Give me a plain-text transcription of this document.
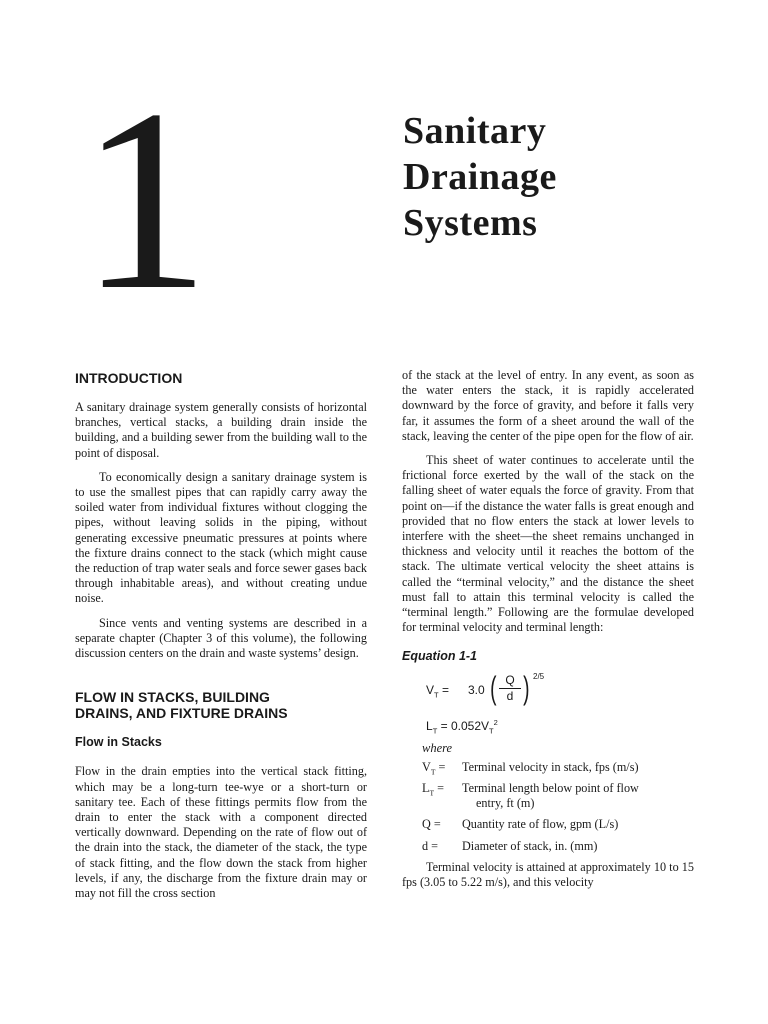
1	Sanitary
Drainage
Systems
INTRODUCTION

A sanitary drainage system generally consists of horizontal branches, vertical stacks, a building drain inside the building, and a building sewer from the building wall to the point of disposal.

To economically design a sanitary drainage system is to use the smallest pipes that can rapidly carry away the soiled water from individual fixtures without clogging the pipes, without leaving solids in the piping, without generating excessive pneumatic pressures at points where the fixture drains connect to the stack (which might cause the reduction of trap water seals and force sewer gases back through inhabitable areas), and without creating undue noise.

Since vents and venting systems are described in a separate chapter (Chapter 3 of this volume), the following discussion centers on the drain and waste systems’ design.

FLOW IN STACKS, BUILDING
DRAINS, AND FIXTURE DRAINS
Flow in Stacks

Flow in the drain empties into the vertical stack fitting, which may be a long-turn tee-wye or a short-turn or sanitary tee. Each of these fittings permits flow from the drain to enter the stack with a component directed vertically downward. Depending on the rate of flow out of the drain into the stack, the diameter of the stack, the type of stack fitting, and the flow down the stack from higher levels, if any, the discharge from the fixture drain may or may not fill the cross section

of the stack at the level of entry. In any event, as soon as the water enters the stack, it is rapidly accelerated downward by the force of gravity, and before it falls very far, it assumes the form of a sheet around the wall of the stack, leaving the center of the pipe open for the flow of air.

This sheet of water continues to accelerate until the frictional force exerted by the wall of the stack on the falling sheet of water equals the force of gravity. From that point on—if the distance the water falls is great enough and provided that no flow enters the stack at lower levels to interfere with the sheet—the sheet remains unchanged in thickness and velocity until it reaches the bottom of the stack. The ultimate vertical velocity the sheet attains is called the “terminal velocity,” and the distance the sheet must fall to attain this terminal velocity is called the “terminal length.” Following are the formulae developed for terminal velocity and terminal length:

Equation 1-1
$V_T = 3.0$ ( $\frac{Q}{d}$ ) 2/5
$L_T = 0.052V_T^2$
where
$V_T$ =	Terminal velocity in stack, fps (m/s)
$L_T$ =	Terminal length below point of flow
entry, ft (m)
Q =	Quantity rate of flow, gpm (L/s)
d =	Diameter of stack, in. (mm)

Terminal velocity is attained at approximately 10 to 15 fps (3.05 to 5.22 m/s), and this velocity
